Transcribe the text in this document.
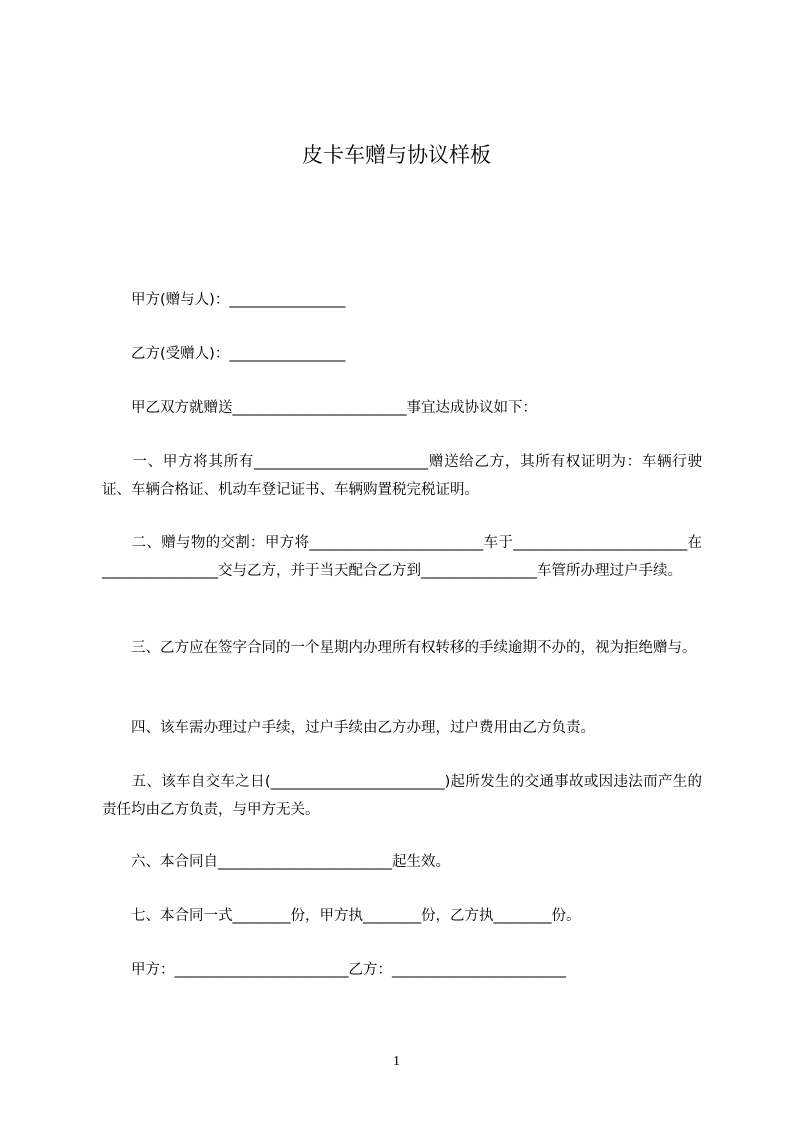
皮卡车赠与协议样板
　　甲方(赠与人)：________________
　　乙方(受赠人)：________________
　　甲乙双方就赠送________________________事宜达成协议如下：
　　一、甲方将其所有________________________赠送给乙方，其所有权证明为：车辆行驶证、车辆合格证、机动车登记证书、车辆购置税完税证明。
　　二、赠与物的交割：甲方将________________________车于________________________在________________交与乙方，并于当天配合乙方到________________车管所办理过户手续。
　　三、乙方应在签字合同的一个星期内办理所有权转移的手续逾期不办的，视为拒绝赠与。
　　四、该车需办理过户手续，过户手续由乙方办理，过户费用由乙方负责。
　　五、该车自交车之日(________________________)起所发生的交通事故或因违法而产生的责任均由乙方负责，与甲方无关。
　　六、本合同自________________________起生效。
　　七、本合同一式________份，甲方执________份，乙方执________份。
　　甲方：________________________乙方：________________________
1
